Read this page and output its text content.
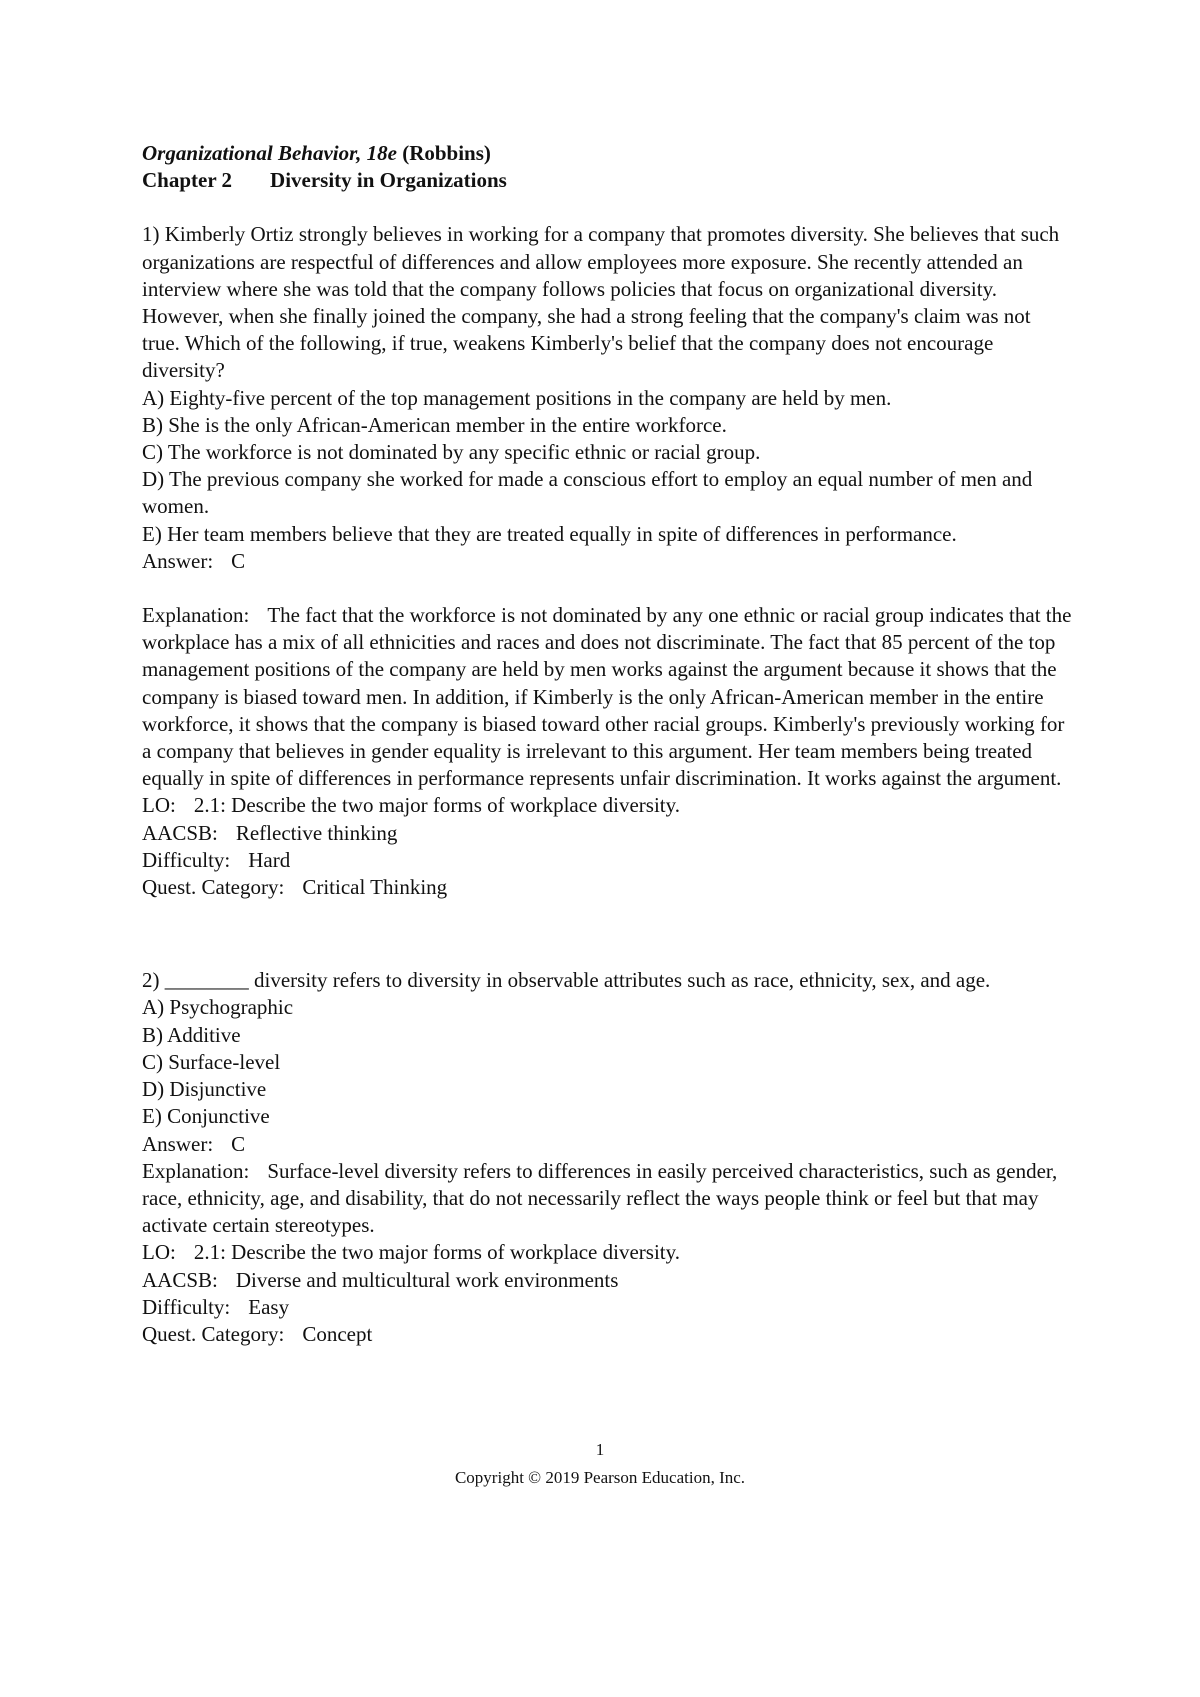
Organizational Behavior, 18e (Robbins)
Chapter 2 Diversity in Organizations
1) Kimberly Ortiz strongly believes in working for a company that promotes diversity. She believes that such organizations are respectful of differences and allow employees more exposure. She recently attended an interview where she was told that the company follows policies that focus on organizational diversity. However, when she finally joined the company, she had a strong feeling that the company's claim was not true. Which of the following, if true, weakens Kimberly's belief that the company does not encourage diversity?
A) Eighty-five percent of the top management positions in the company are held by men.
B) She is the only African-American member in the entire workforce.
C) The workforce is not dominated by any specific ethnic or racial group.
D) The previous company she worked for made a conscious effort to employ an equal number of men and women.
E) Her team members believe that they are treated equally in spite of differences in performance.
Answer: C
Explanation: The fact that the workforce is not dominated by any one ethnic or racial group indicates that the workplace has a mix of all ethnicities and races and does not discriminate. The fact that 85 percent of the top management positions of the company are held by men works against the argument because it shows that the company is biased toward men. In addition, if Kimberly is the only African-American member in the entire workforce, it shows that the company is biased toward other racial groups. Kimberly's previously working for a company that believes in gender equality is irrelevant to this argument. Her team members being treated equally in spite of differences in performance represents unfair discrimination. It works against the argument.
LO: 2.1: Describe the two major forms of workplace diversity.
AACSB: Reflective thinking
Difficulty: Hard
Quest. Category: Critical Thinking
2) ________ diversity refers to diversity in observable attributes such as race, ethnicity, sex, and age.
A) Psychographic
B) Additive
C) Surface-level
D) Disjunctive
E) Conjunctive
Answer: C
Explanation: Surface-level diversity refers to differences in easily perceived characteristics, such as gender, race, ethnicity, age, and disability, that do not necessarily reflect the ways people think or feel but that may activate certain stereotypes.
LO: 2.1: Describe the two major forms of workplace diversity.
AACSB: Diverse and multicultural work environments
Difficulty: Easy
Quest. Category: Concept
1
Copyright © 2019 Pearson Education, Inc.
